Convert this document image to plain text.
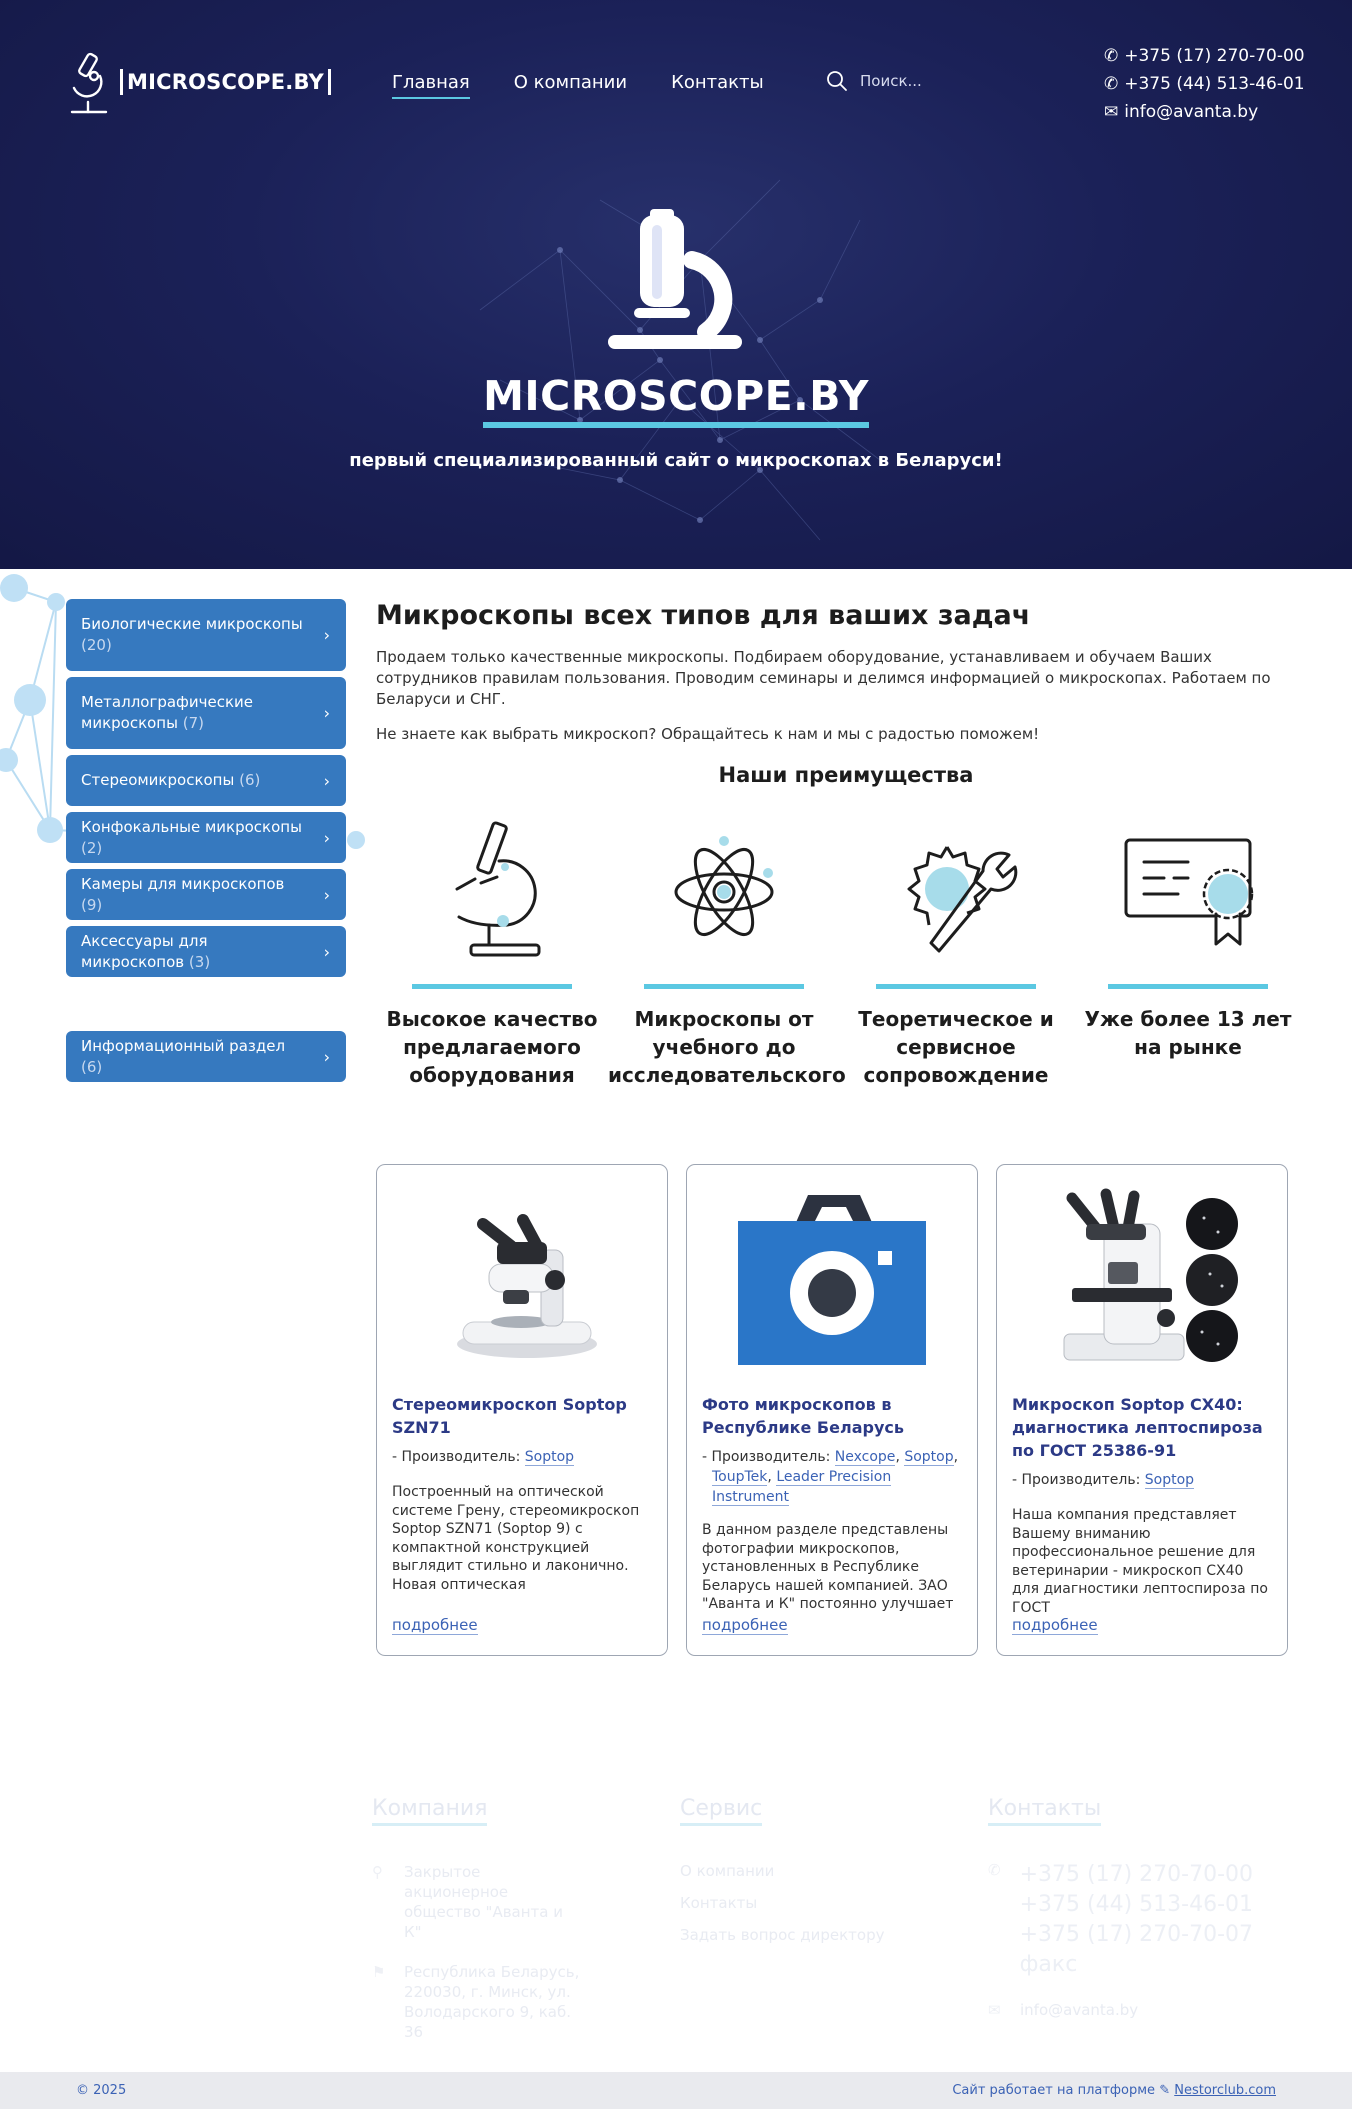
MICROSCOPE.BY	Главная О компании Контакты
Поиск...
✆ +375 (17) 270-70-00
✆ +375 (44) 513-46-01
✉ info@avanta.by
MICROSCOPE.BY
первый специализированный сайт о микроскопах в Беларуси!
Биологические микроскопы (20)
›
Металлографические микроскопы (7)
›
Стереомикроскопы (6)	›
Конфокальные микроскопы (2)
›
Камеры для микроскопов (9)
›
Аксессуары для микроскопов (3)
›
Информационный раздел (6)
›
Микроскопы всех типов для ваших задач

Продаем только качественные микроскопы. Подбираем оборудование, устанавливаем и обучаем Ваших сотрудников правилам пользования. Проводим семинары и делимся информацией о микроскопах. Работаем по Беларуси и СНГ.

Не знаете как выбрать микроскоп? Обращайтесь к нам и мы с радостью поможем!

Наши преимущества
Высокое качество предлагаемого оборудования
Микроскопы от учебного до исследовательского
Теоретическое и сервисное сопровождение
Уже более 13 лет на рынке
Стереомикроскоп Soptop SZN71
- Производитель: Soptop
Построенный на оптической системе Грену, стереомикроскоп Soptop SZN71 (Soptop 9) с компактной конструкцией выглядит стильно и лаконично. Новая оптическая
подробнее
Фото микроскопов в Республике Беларусь
- Производитель: Nexcope, Soptop, ToupTek, Leader Precision Instrument
В данном разделе представлены фотографии микроскопов, установленных в Республике Беларусь нашей компанией. ЗАО "Аванта и К" постоянно улучшает
подробнее
Микроскоп Soptop CX40: диагностика лептоспироза по ГОСТ 25386-91
- Производитель: Soptop
Наша компания представляет Вашему вниманию профессиональное решение для ветеринарии - микроскоп CX40 для диагностики лептоспироза по ГОСТ
подробнее
Компания
⚲	Закрытое акционерное общество "Аванта и К"
⚑	Республика Беларусь, 220030, г. Минск, ул. Володарского 9, каб. 36
Сервис
О компании
Контакты
Задать вопрос директору
Контакты
✆ +375 (17) 270-70-00
+375 (44) 513-46-01
+375 (17) 270-70-07 факс
✉	info@avanta.by
© 2025	Сайт работает на платформе ✎ Nestorclub.com
